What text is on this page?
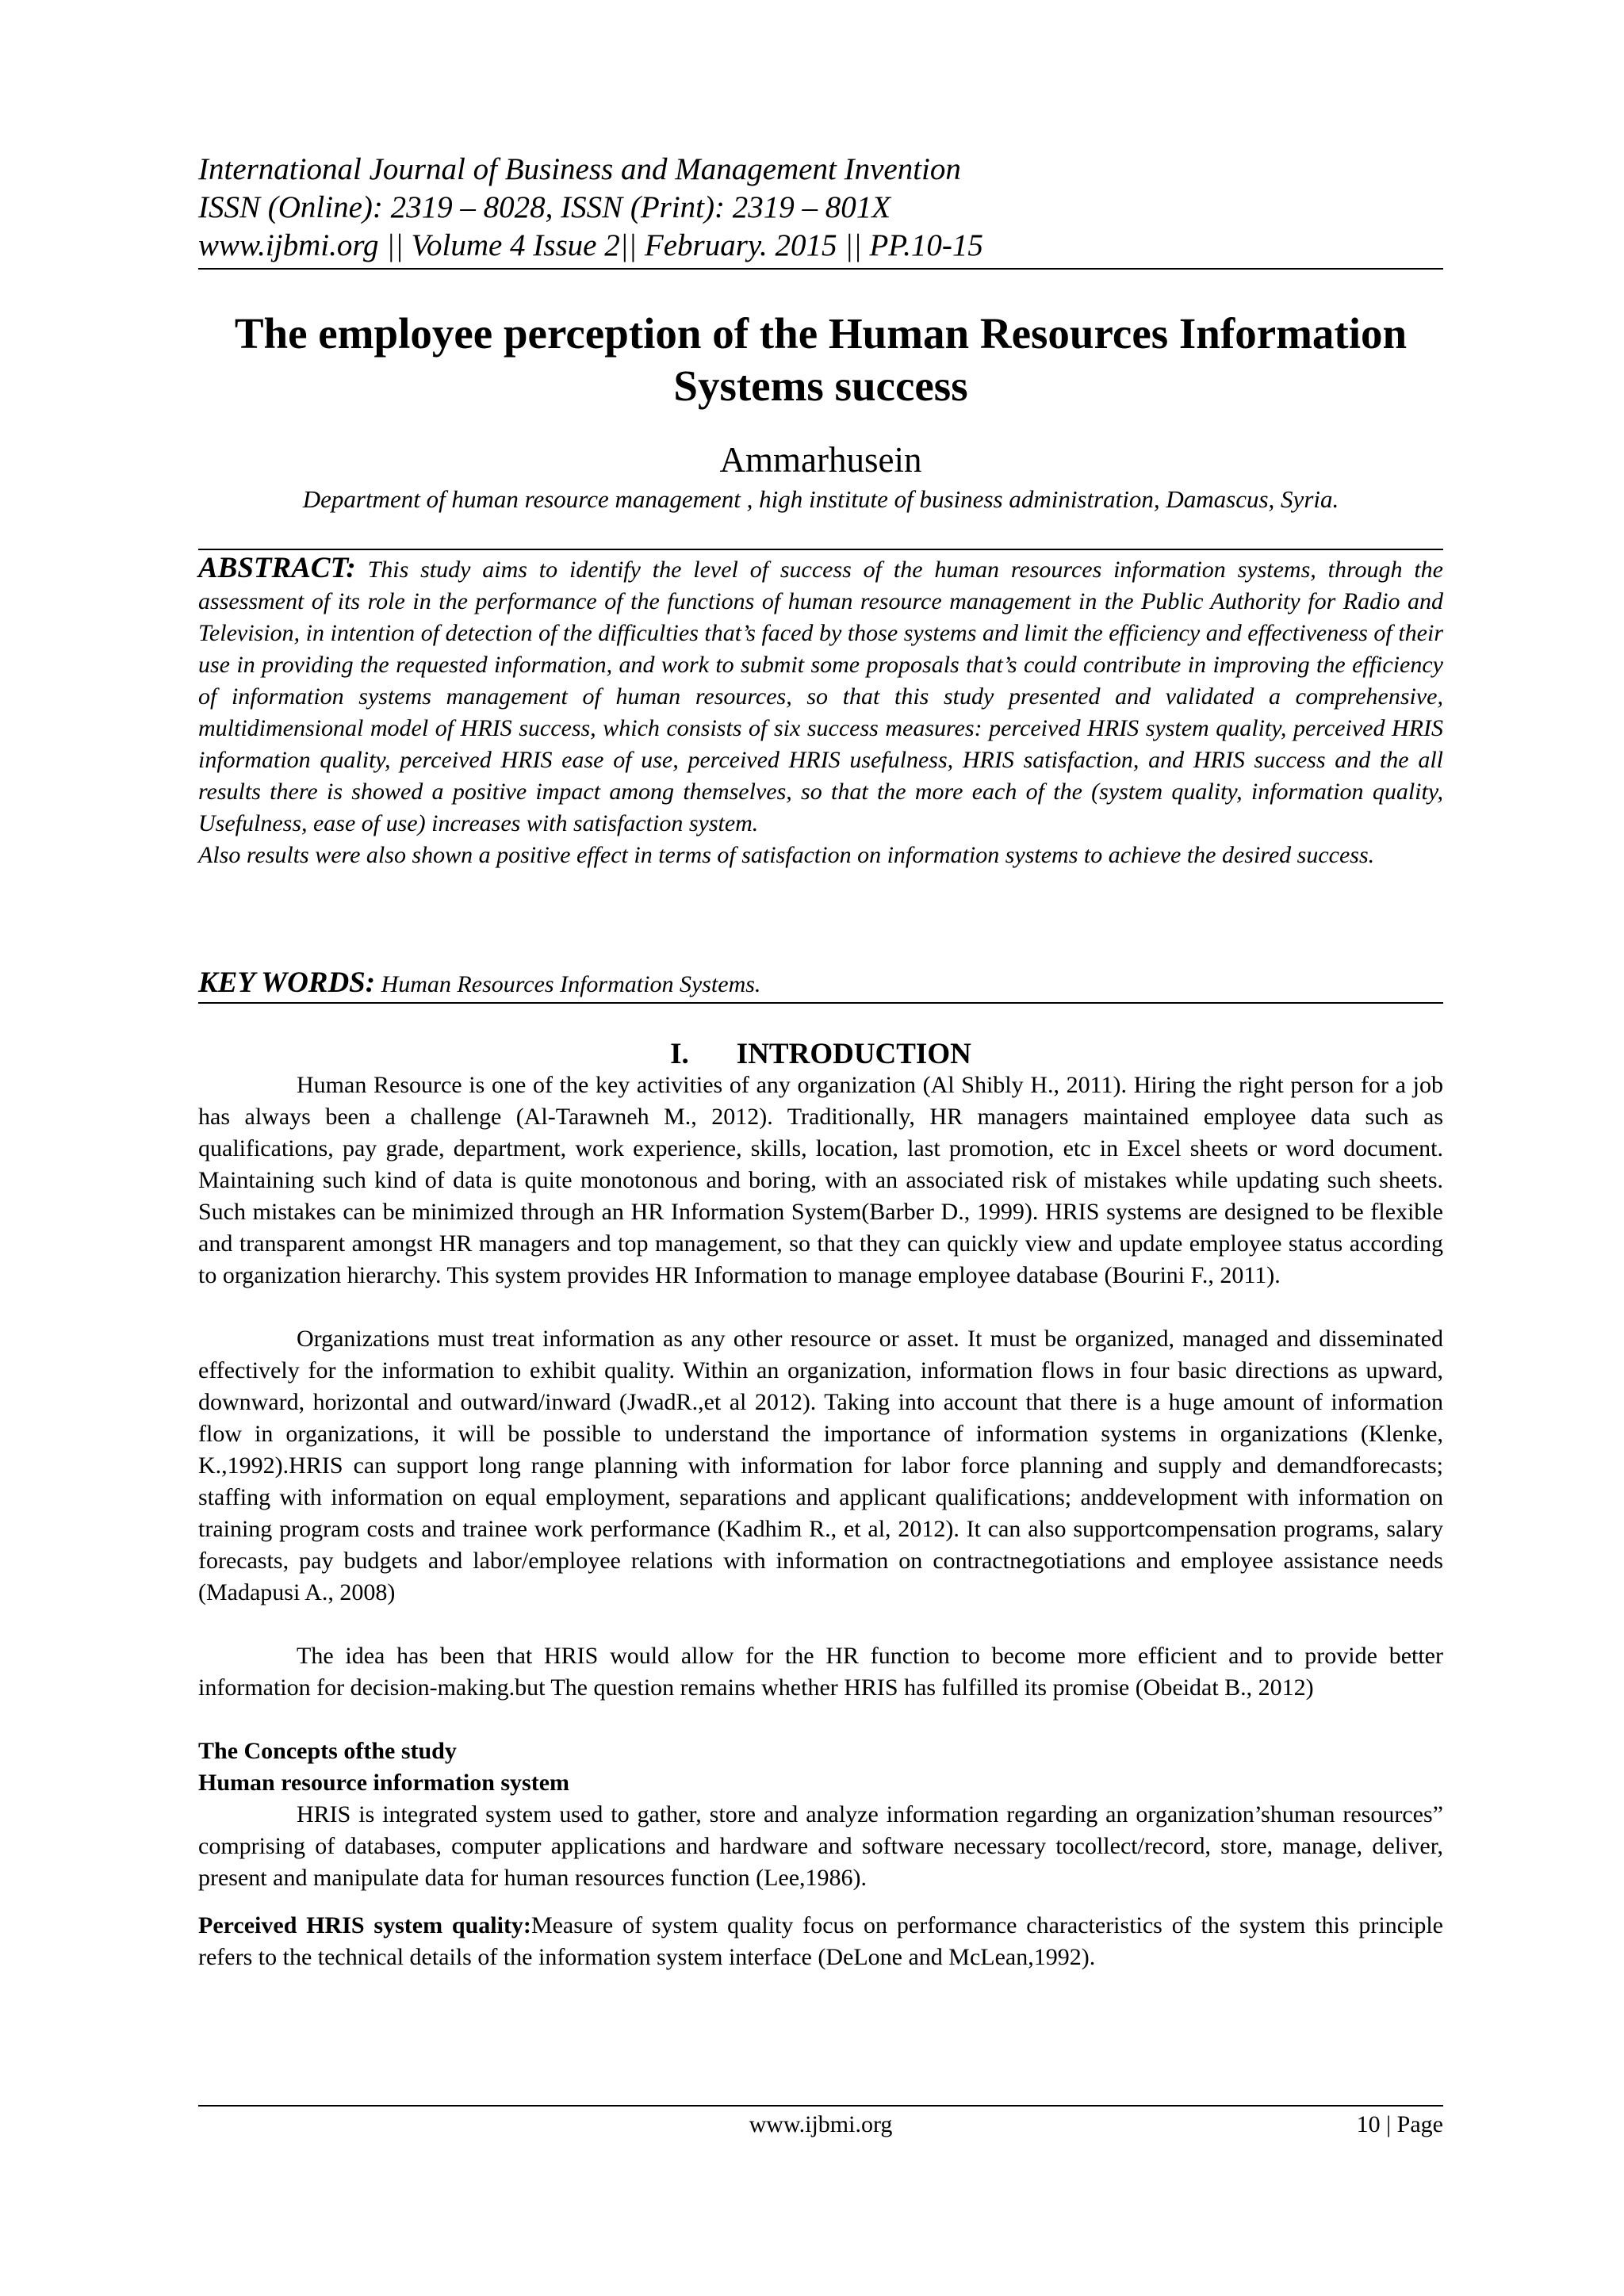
International Journal of Business and Management Invention
ISSN (Online): 2319 – 8028, ISSN (Print): 2319 – 801X
www.ijbmi.org || Volume 4 Issue 2|| February. 2015 || PP.10-15
The employee perception of the Human Resources Information
Systems success
Ammarhusein
Department of human resource management , high institute of business administration, Damascus, Syria.

ABSTRACT: This study aims to identify the level of success of the human resources information systems, through the assessment of its role in the performance of the functions of human resource management in the Public Authority for Radio and Television, in intention of detection of the difficulties that’s faced by those systems and limit the efficiency and effectiveness of their use in providing the requested information, and work to submit some proposals that’s could contribute in improving the efficiency of information systems management of human resources, so that this study presented and validated a comprehensive, multidimensional model of HRIS success, which consists of six success measures: perceived HRIS system quality, perceived HRIS information quality, perceived HRIS ease of use, perceived HRIS usefulness, HRIS satisfaction, and HRIS success and the all results there is showed a positive impact among themselves, so that the more each of the (system quality, information quality, Usefulness, ease of use) increases with satisfaction system.

Also results were also shown a positive effect in terms of satisfaction on information systems to achieve the desired success.

KEY WORDS: Human Resources Information Systems.
I. INTRODUCTION

Human Resource is one of the key activities of any organization (Al Shibly H., 2011). Hiring the right person for a job has always been a challenge (Al-Tarawneh M., 2012). Traditionally, HR managers maintained employee data such as qualifications, pay grade, department, work experience, skills, location, last promotion, etc in Excel sheets or word document. Maintaining such kind of data is quite monotonous and boring, with an associated risk of mistakes while updating such sheets. Such mistakes can be minimized through an HR Information System(Barber D., 1999). HRIS systems are designed to be flexible and transparent amongst HR managers and top management, so that they can quickly view and update employee status according to organization hierarchy. This system provides HR Information to manage employee database (Bourini F., 2011).

Organizations must treat information as any other resource or asset. It must be organized, managed and disseminated effectively for the information to exhibit quality. Within an organization, information flows in four basic directions as upward, downward, horizontal and outward/inward (JwadR.,et al 2012). Taking into account that there is a huge amount of information flow in organizations, it will be possible to understand the importance of information systems in organizations (Klenke, K.,1992).HRIS can support long range planning with information for labor force planning and supply and demandforecasts; staffing with information on equal employment, separations and applicant qualifications; anddevelopment with information on training program costs and trainee work performance (Kadhim R., et al, 2012). It can also supportcompensation programs, salary forecasts, pay budgets and labor/employee relations with information on contractnegotiations and employee assistance needs (Madapusi A., 2008)

The idea has been that HRIS would allow for the HR function to become more efficient and to provide better information for decision-making.but The question remains whether HRIS has fulfilled its promise (Obeidat B., 2012)

The Concepts ofthe study
Human resource information system

HRIS is integrated system used to gather, store and analyze information regarding an organization’shuman resources” comprising of databases, computer applications and hardware and software necessary tocollect/record, store, manage, deliver, present and manipulate data for human resources function (Lee,1986).

Perceived HRIS system quality:Measure of system quality focus on performance characteristics of the system this principle refers to the technical details of the information system interface (DeLone and McLean,1992).

www.ijbmi.org	10 | Page
